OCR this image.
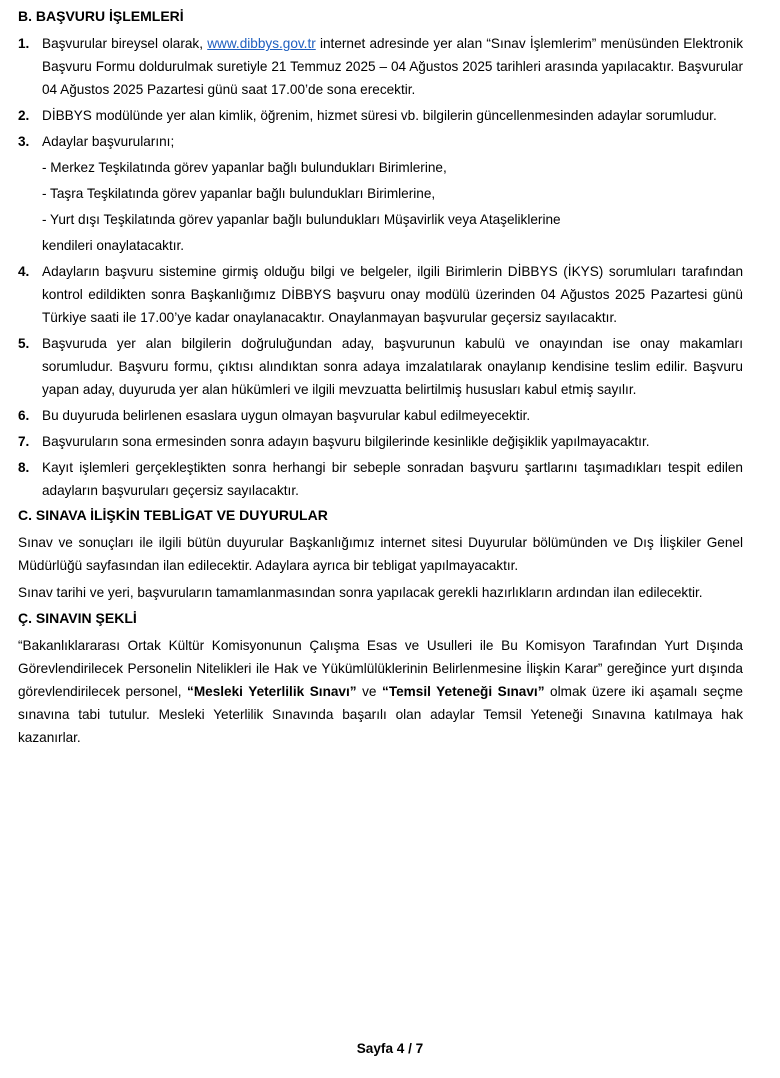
B. BAŞVURU İŞLEMLERİ
1. Başvurular bireysel olarak, www.dibbys.gov.tr internet adresinde yer alan “Sınav İşlemlerim” menüsünden Elektronik Başvuru Formu doldurulmak suretiyle 21 Temmuz 2025 – 04 Ağustos 2025 tarihleri arasında yapılacaktır. Başvurular 04 Ağustos 2025 Pazartesi günü saat 17.00’de sona erecektir.
2. DİBBYS modülünde yer alan kimlik, öğrenim, hizmet süresi vb. bilgilerin güncellenmesinden adaylar sorumludur.
3. Adaylar başvurularını;
- Merkez Teşkilatında görev yapanlar bağlı bulundukları Birimlerine,
- Taşra Teşkilatında görev yapanlar bağlı bulundukları Birimlerine,
- Yurt dışı Teşkilatında görev yapanlar bağlı bulundukları Müşavirlik veya Ataşeliklerine
kendileri onaylatacaktır.
4. Adayların başvuru sistemine girmiş olduğu bilgi ve belgeler, ilgili Birimlerin DİBBYS (İKYS) sorumluları tarafından kontrol edildikten sonra Başkanlığımız DİBBYS başvuru onay modülü üzerinden 04 Ağustos 2025 Pazartesi günü Türkiye saati ile 17.00’ye kadar onaylanacaktır. Onaylanmayan başvurular geçersiz sayılacaktır.
5. Başvuruda yer alan bilgilerin doğruluğundan aday, başvurunun kabulü ve onayından ise onay makamları sorumludur. Başvuru formu, çıktısı alındıktan sonra adaya imzalatılarak onaylanıp kendisine teslim edilir. Başvuru yapan aday, duyuruda yer alan hükümleri ve ilgili mevzuatta belirtilmiş hususları kabul etmiş sayılır.
6. Bu duyuruda belirlenen esaslara uygun olmayan başvurular kabul edilmeyecektir.
7. Başvuruların sona ermesinden sonra adayın başvuru bilgilerinde kesinlikle değişiklik yapılmayacaktır.
8. Kayıt işlemleri gerçekleştikten sonra herhangi bir sebeple sonradan başvuru şartlarını taşımadıkları tespit edilen adayların başvuruları geçersiz sayılacaktır.
C. SINAVA İLİŞKİN TEBLİGAT VE DUYURULAR

Sınav ve sonuçları ile ilgili bütün duyurular Başkanlığımız internet sitesi Duyurular bölümünden ve Dış İlişkiler Genel Müdürlüğü sayfasından ilan edilecektir. Adaylara ayrıca bir tebligat yapılmayacaktır.

Sınav tarihi ve yeri, başvuruların tamamlanmasından sonra yapılacak gerekli hazırlıkların ardından ilan edilecektir.

Ç. SINAVIN ŞEKLİ

“Bakanlıklararası Ortak Kültür Komisyonunun Çalışma Esas ve Usulleri ile Bu Komisyon Tarafından Yurt Dışında Görevlendirilecek Personelin Nitelikleri ile Hak ve Yükümlülüklerinin Belirlenmesine İlişkin Karar” gereğince yurt dışında görevlendirilecek personel, “Mesleki Yeterlilik Sınavı” ve “Temsil Yeteneği Sınavı” olmak üzere iki aşamalı seçme sınavına tabi tutulur. Mesleki Yeterlilik Sınavında başarılı olan adaylar Temsil Yeteneği Sınavına katılmaya hak kazanırlar.

Sayfa 4 / 7
